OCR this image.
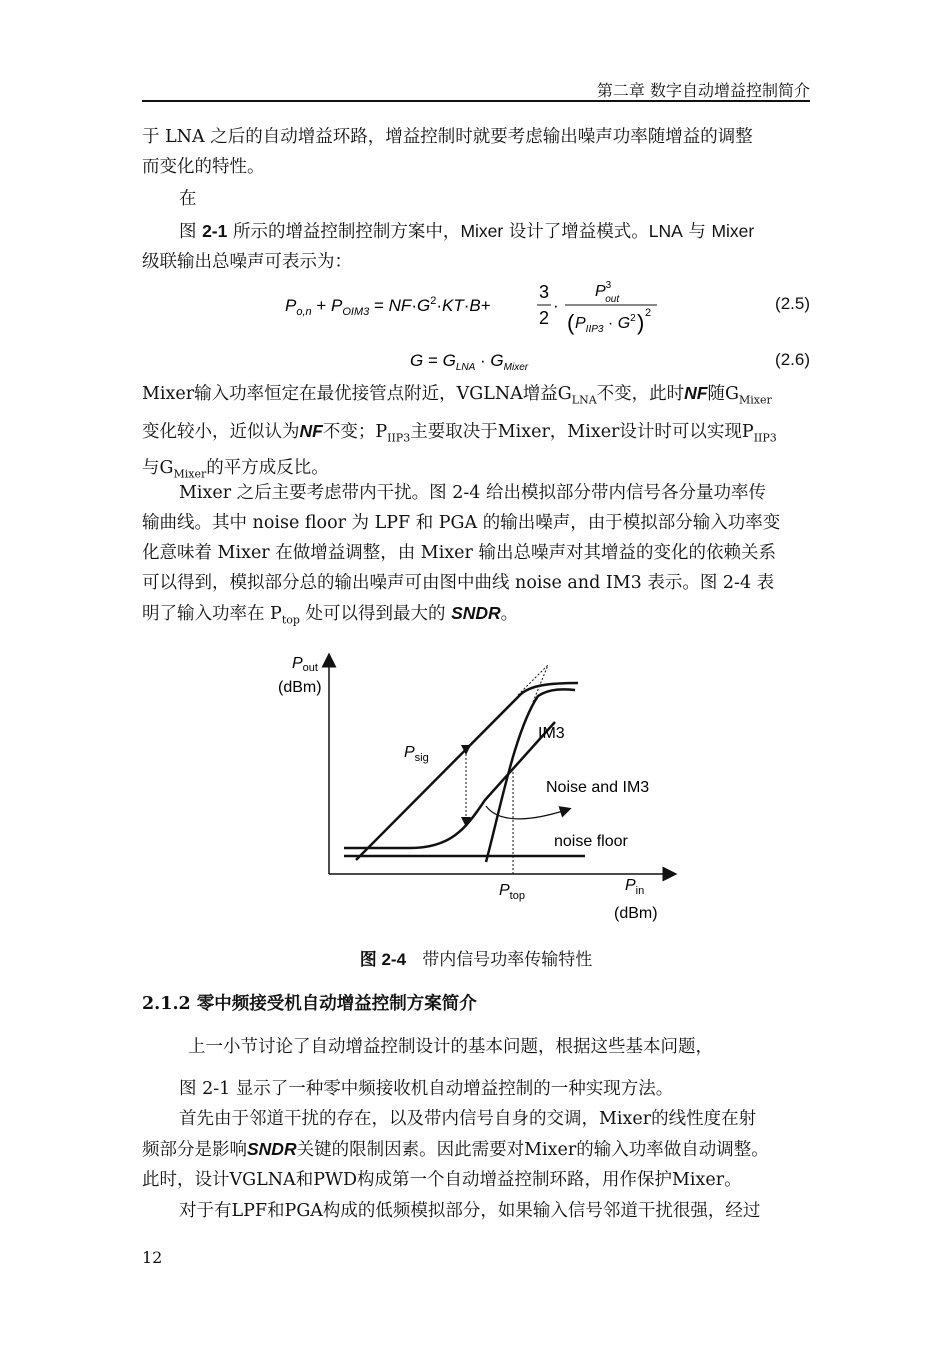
第二章 数字自动增益控制简介

于 LNA 之后的自动增益环路，增益控制时就要考虑输出噪声功率随增益的调整
而变化的特性。

在

图 2-1 所示的增益控制控制方案中，Mixer 设计了增益模式。LNA 与 Mixer
级联输出总噪声可表示为：

$P_{o,n} + P_{OIM3} = NF\cdot G^2\cdot KT\cdot B+$
3
2
·
$P^3$ out
( $P_{IIP3} \cdot G^2$ ) 2	(2.5)
$G = G_{LNA} \cdot G_{Mixer}$	(2.6)

Mixer输入功率恒定在最优接管点附近，VGLNA增益$G_{LNA}$不变，此时NF随$G_{Mixer}$
变化较小，近似认为NF不变；$P_{IIP3}$主要取决于Mixer，Mixer设计时可以实现$P_{IIP3}$
与$G_{Mixer}$的平方成反比。

Mixer 之后主要考虑带内干扰。图 2-4 给出模拟部分带内信号各分量功率传
输曲线。其中 noise floor 为 LPF 和 PGA 的输出噪声，由于模拟部分输入功率变
化意味着 Mixer 在做增益调整，由 Mixer 输出总噪声对其增益的变化的依赖关系
可以得到，模拟部分总的输出噪声可由图中曲线 noise and IM3 表示。图 2-4 表
明了输入功率在 $P_{top}$ 处可以得到最大的 SNDR。

Pout
(dBm)
$P_{sig}$
IM3
Noise and IM3
noise floor
$P_{top}$
$P_{in}$
(dBm)
图 2-4 带内信号功率传输特性
2.1.2 零中频接受机自动增益控制方案简介

上一小节讨论了自动增益控制设计的基本问题，根据这些基本问题，

图 2-1 显示了一种零中频接收机自动增益控制的一种实现方法。

首先由于邻道干扰的存在，以及带内信号自身的交调，Mixer的线性度在射
频部分是影响SNDR关键的限制因素。因此需要对Mixer的输入功率做自动调整。
此时，设计VGLNA和PWD构成第一个自动增益控制环路，用作保护Mixer。

对于有LPF和PGA构成的低频模拟部分，如果输入信号邻道干扰很强，经过

12
